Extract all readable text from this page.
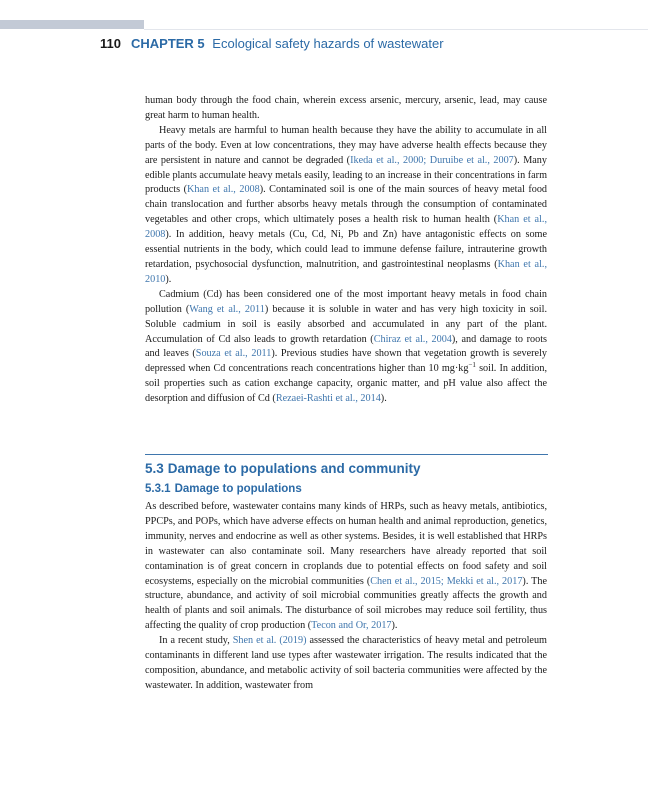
110 CHAPTER 5 Ecological safety hazards of wastewater

human body through the food chain, wherein excess arsenic, mercury, arsenic, lead, may cause great harm to human health.

Heavy metals are harmful to human health because they have the ability to accumulate in all parts of the body. Even at low concentrations, they may have adverse health effects because they are persistent in nature and cannot be degraded (Ikeda et al., 2000; Duruibe et al., 2007). Many edible plants accumulate heavy metals easily, leading to an increase in their concentrations in farm products (Khan et al., 2008). Contaminated soil is one of the main sources of heavy metal food chain translocation and further absorbs heavy metals through the consumption of contaminated vegetables and other crops, which ultimately poses a health risk to human health (Khan et al., 2008). In addition, heavy metals (Cu, Cd, Ni, Pb and Zn) have antagonistic effects on some essential nutrients in the body, which could lead to immune defense failure, intrauterine growth retardation, psychosocial dysfunction, malnutrition, and gastrointestinal neoplasms (Khan et al., 2010).

Cadmium (Cd) has been considered one of the most important heavy metals in food chain pollution (Wang et al., 2011) because it is soluble in water and has very high toxicity in soil. Soluble cadmium in soil is easily absorbed and accumulated in any part of the plant. Accumulation of Cd also leads to growth retardation (Chiraz et al., 2004), and damage to roots and leaves (Souza et al., 2011). Previous studies have shown that vegetation growth is severely depressed when Cd concentrations reach concentrations higher than 10 $mg\cdot kg^{-1}$ soil. In addition, soil properties such as cation exchange capacity, organic matter, and pH value also affect the desorption and diffusion of Cd (Rezaei-Rashti et al., 2014).

5.3 Damage to populations and community
5.3.1 Damage to populations

As described before, wastewater contains many kinds of HRPs, such as heavy metals, antibiotics, PPCPs, and POPs, which have adverse effects on human health and animal reproduction, genetics, immunity, nerves and endocrine as well as other systems. Besides, it is well established that HRPs in wastewater can also contaminate soil. Many researchers have already reported that soil contamination is of great concern in croplands due to potential effects on food safety and soil ecosystems, especially on the microbial communities (Chen et al., 2015; Mekki et al., 2017). The structure, abundance, and activity of soil microbial communities greatly affects the growth and health of plants and soil animals. The disturbance of soil microbes may reduce soil fertility, thus affecting the quality of crop production (Tecon and Or, 2017).

In a recent study, Shen et al. (2019) assessed the characteristics of heavy metal and petroleum contaminants in different land use types after wastewater irrigation. The results indicated that the composition, abundance, and metabolic activity of soil bacteria communities were affected by the wastewater. In addition, wastewater from
